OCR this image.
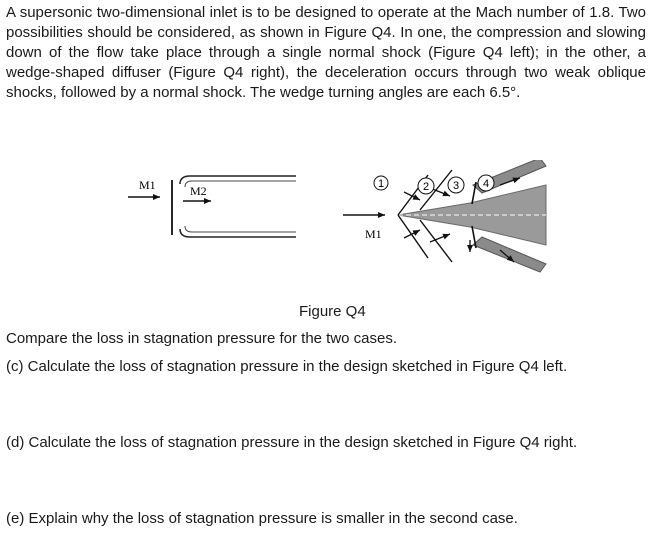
A supersonic two-dimensional inlet is to be designed to operate at the Mach number of 1.8. Two possibilities should be considered, as shown in Figure Q4. In one, the compression and slowing down of the flow take place through a single normal shock (Figure Q4 left); in the other, a wedge-shaped diffuser (Figure Q4 right), the deceleration occurs through two weak oblique shocks, followed by a normal shock. The wedge turning angles are each 6.5°.

M1	M2	1
M1
2 3 4
Figure Q4

Compare the loss in stagnation pressure for the two cases.

(c) Calculate the loss of stagnation pressure in the design sketched in Figure Q4 left.

(d) Calculate the loss of stagnation pressure in the design sketched in Figure Q4 right.

(e) Explain why the loss of stagnation pressure is smaller in the second case.
